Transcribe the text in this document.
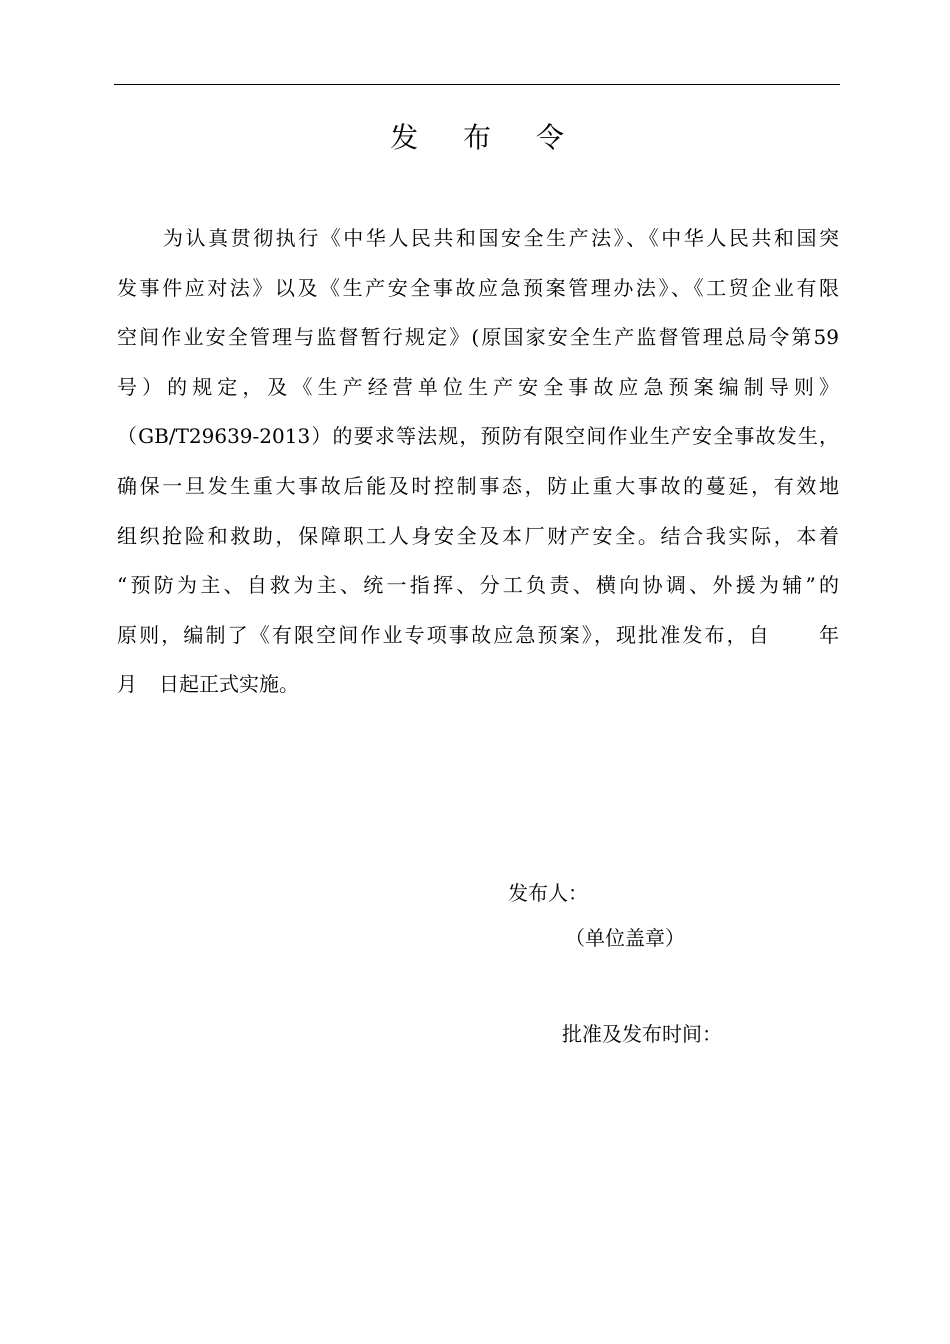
发 布 令
为认真贯彻执行《中华人民共和国安全生产法》、《中华人民共和国突
发事件应对法》以及《生产安全事故应急预案管理办法》、《工贸企业有限
空间作业安全管理与监督暂行规定》(原国家安全生产监督管理总局令第59
号）的规定，及《生产经营单位生产安全事故应急预案编制导则》
（GB/T29639-2013）的要求等法规，预防有限空间作业生产安全事故发生，
确保一旦发生重大事故后能及时控制事态，防止重大事故的蔓延，有效地
组织抢险和救助，保障职工人身安全及本厂财产安全。结合我实际，本着
“预防为主、自救为主、统一指挥、分工负责、横向协调、外援为辅”的
原则，编制了《有限空间作业专项事故应急预案》，现批准发布，自 年
月 日起正式实施。
发布人：
（单位盖章）
批准及发布时间：
